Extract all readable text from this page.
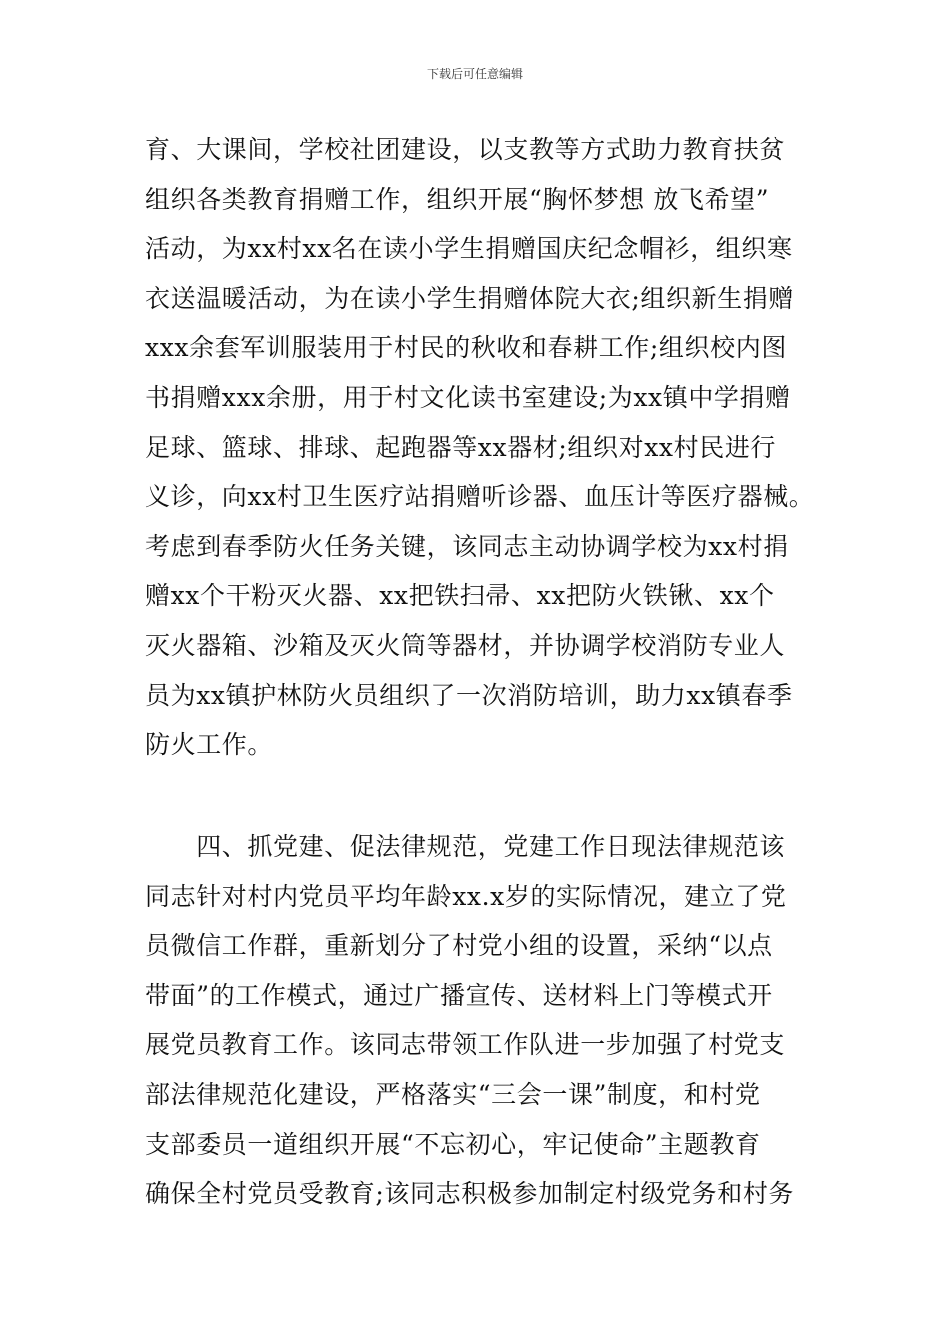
下载后可任意编辑
育、大课间，学校社团建设，以支教等方式助力教育扶贫
组织各类教育捐赠工作，组织开展“胸怀梦想 放飞希望”
活动，为xx村xx名在读小学生捐赠国庆纪念帽衫，组织寒
衣送温暖活动，为在读小学生捐赠体院大衣;组织新生捐赠
xxx余套军训服装用于村民的秋收和春耕工作;组织校内图
书捐赠xxx余册，用于村文化读书室建设;为xx镇中学捐赠
足球、篮球、排球、起跑器等xx器材;组织对xx村民进行
义诊，向xx村卫生医疗站捐赠听诊器、血压计等医疗器械。
考虑到春季防火任务关键，该同志主动协调学校为xx村捐
赠xx个干粉灭火器、xx把铁扫帚、xx把防火铁锹、xx个
灭火器箱、沙箱及灭火筒等器材，并协调学校消防专业人
员为xx镇护林防火员组织了一次消防培训，助力xx镇春季
防火工作。
　　四、抓党建、促法律规范，党建工作日现法律规范该
同志针对村内党员平均年龄xx.x岁的实际情况，建立了党
员微信工作群，重新划分了村党小组的设置，采纳“以点
带面”的工作模式，通过广播宣传、送材料上门等模式开
展党员教育工作。该同志带领工作队进一步加强了村党支
部法律规范化建设，严格落实“三会一课”制度，和村党
支部委员一道组织开展“不忘初心，牢记使命”主题教育
确保全村党员受教育;该同志积极参加制定村级党务和村务
